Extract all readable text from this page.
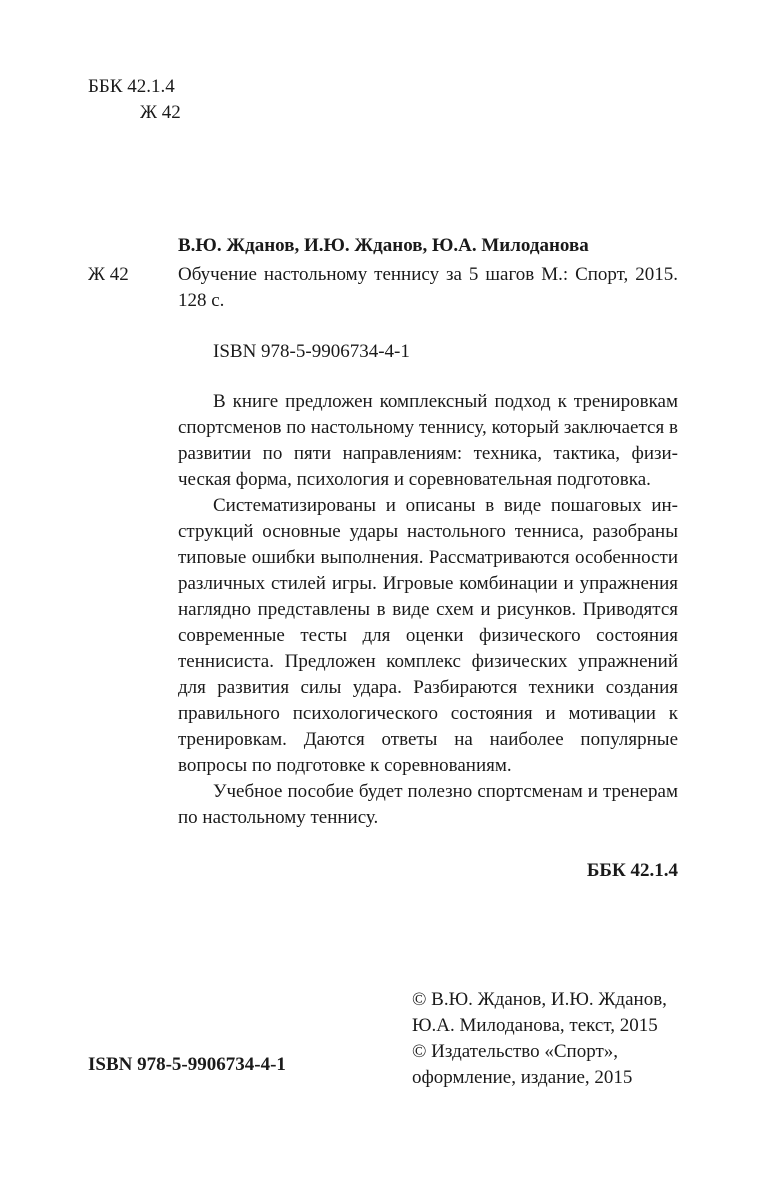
ББК 42.1.4
Ж 42
В.Ю. Жданов, И.Ю. Жданов, Ю.А. Милоданова
Ж 42	Обучение настольному теннису за 5 шагов М.: Спорт, 2015. 128 с.
ISBN 978-5-9906734-4-1

В книге предложен комплексный подход к тренировкам спортсменов по настольному теннису, который заключается в развитии по пяти направлениям: техника, тактика, физическая форма, психология и соревновательная подготовка.

Систематизированы и описаны в виде пошаговых инструкций основные удары настольного тенниса, разобраны типовые ошибки выполнения. Рассматриваются особенности различных стилей игры. Игровые комбинации и упражнения наглядно представлены в виде схем и рисунков. Приводятся современные тесты для оценки физического состояния теннисиста. Предложен комплекс физических упражнений для развития силы удара. Разбираются техники создания правильного психологического состояния и мотивации к тренировкам. Даются ответы на наиболее популярные вопросы по подготовке к соревнованиям.

Учебное пособие будет полезно спортсменам и тренерам по настольному теннису.

ББК 42.1.4
© В.Ю. Жданов, И.Ю. Жданов,
Ю.А. Милоданова, текст, 2015
© Издательство «Спорт»,
оформление, издание, 2015
ISBN 978-5-9906734-4-1
